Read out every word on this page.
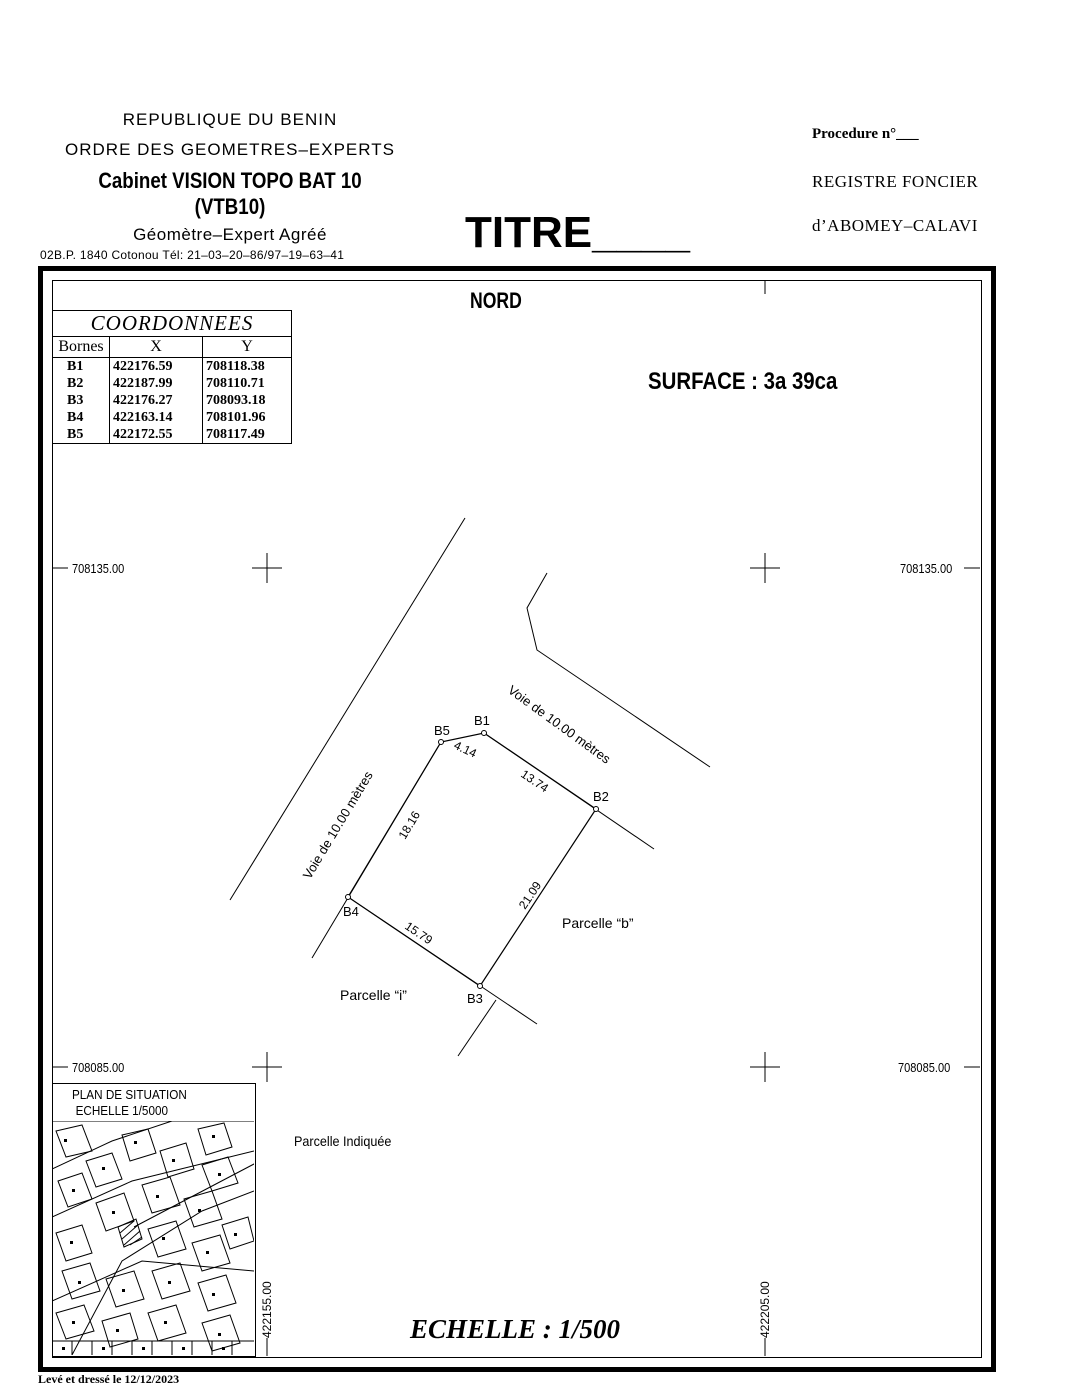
REPUBLIQUE DU BENIN
ORDRE DES GEOMETRES–EXPERTS
Cabinet VISION TOPO BAT 10
(VTB10)
Géomètre–Expert Agréé
02B.P. 1840 Cotonou Tél: 21–03–20–86/97–19–63–41	TITRE____
Procedure n°___
REGISTRE FONCIER
d’ABOMEY–CALAVI
B1
B2
B3
B4
B5
4.14
13.74
21.09
15.79
18.16
Voie de 10.00 mètres
Voie de 10.00 mètres
Parcelle “b”
Parcelle “i”
422155.00	422205.00
708135.00	708135.00
708085.00	708085.00
COORDONNEES		
Bornes	X	Y
B1	422176.59	708118.38
B2	422187.99	708110.71
B3	422176.27	708093.18
B4	422163.14	708101.96
B5	422172.55	708117.49
NORD
SURFACE : 3a 39ca
PLAN DE SITUATION
ECHELLE 1/5000
Parcelle Indiquée
ECHELLE : 1/500
Levé et dressé le 12/12/2023
